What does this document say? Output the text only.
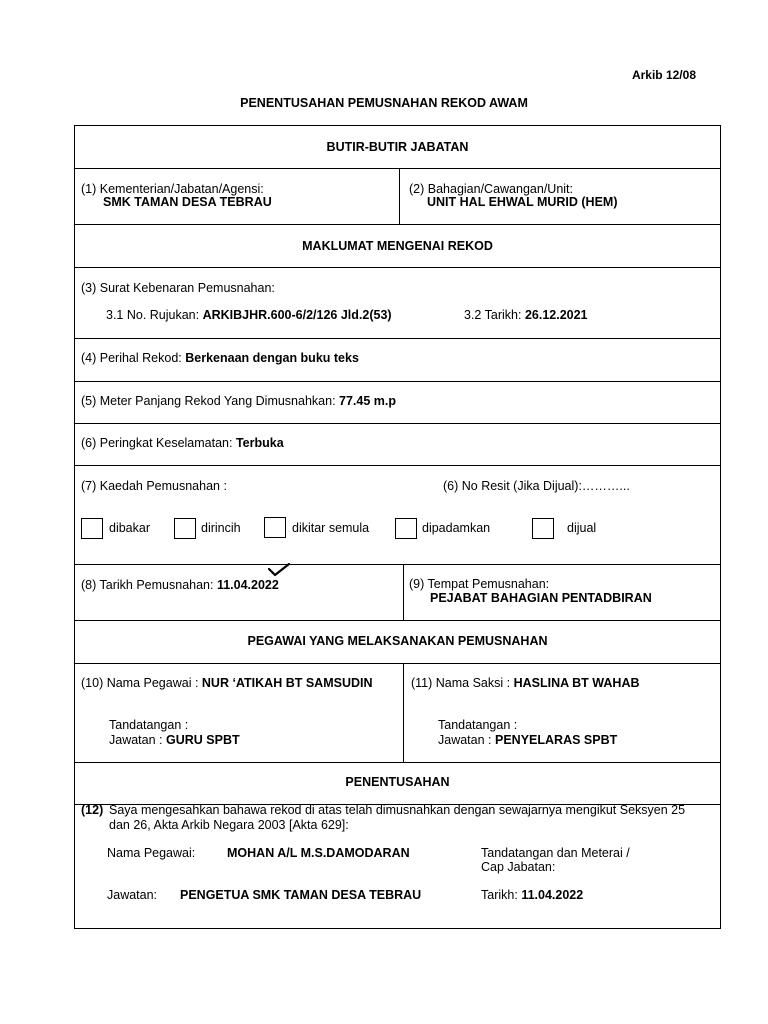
Arkib 12/08
PENENTUSAHAN PEMUSNAHAN REKOD AWAM
BUTIR-BUTIR JABATAN
MAKLUMAT MENGENAI REKOD
PEGAWAI YANG MELAKSANAKAN PEMUSNAHAN
PENENTUSAHAN
(1) Kementerian/Jabatan/Agensi:
SMK TAMAN DESA TEBRAU
(2) Bahagian/Cawangan/Unit:
UNIT HAL EHWAL MURID (HEM)
(3) Surat Kebenaran Pemusnahan:
3.1 No. Rujukan: ARKIBJHR.600-6/2/126 Jld.2(53)	3.2 Tarikh: 26.12.2021
(4) Perihal Rekod: Berkenaan dengan buku teks
(5) Meter Panjang Rekod Yang Dimusnahkan: 77.45 m.p
(6) Peringkat Keselamatan: Terbuka
(7) Kaedah Pemusnahan :	(6) No Resit (Jika Dijual):………...
dibakar	dirincih	dikitar semula	dipadamkan	dijual
(8) Tarikh Pemusnahan: 11.04.2022	(9) Tempat Pemusnahan:
PEJABAT BAHAGIAN PENTADBIRAN
(10) Nama Pegawai : NUR ‘ATIKAH BT SAMSUDIN
Tandatangan :
Jawatan : GURU SPBT
(11) Nama Saksi : HASLINA BT WAHAB
Tandatangan :
Jawatan : PENYELARAS SPBT
(12) Saya mengesahkan bahawa rekod di atas telah dimusnahkan dengan sewajarnya mengikut Seksyen 25
dan 26, Akta Arkib Negara 2003 [Akta 629]:
Nama Pegawai:	MOHAN A/L M.S.DAMODARAN	Tandatangan dan Meterai /
Cap Jabatan:
Jawatan: PENGETUA SMK TAMAN DESA TEBRAU	Tarikh: 11.04.2022
